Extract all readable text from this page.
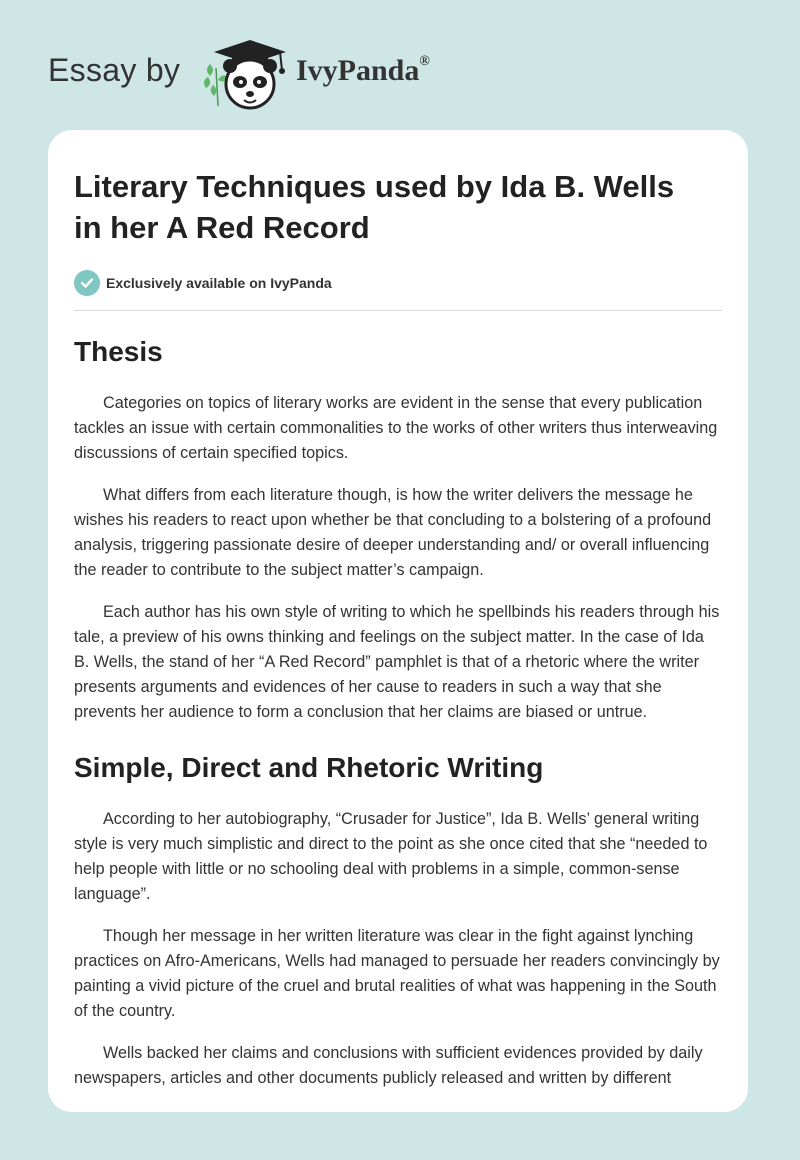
Essay by	IvyPanda®
Literary Techniques used by Ida B. Wells
in her A Red Record
Exclusively available on IvyPanda
Thesis

Categories on topics of literary works are evident in the sense that every publication tackles an issue with certain commonalities to the works of other writers thus interweaving discussions of certain specified topics.

What differs from each literature though, is how the writer delivers the message he wishes his readers to react upon whether be that concluding to a bolstering of a profound analysis, triggering passionate desire of deeper understanding and/ or overall influencing the reader to contribute to the subject matter’s campaign.

Each author has his own style of writing to which he spellbinds his readers through his tale, a preview of his owns thinking and feelings on the subject matter. In the case of Ida B. Wells, the stand of her “A Red Record” pamphlet is that of a rhetoric where the writer presents arguments and evidences of her cause to readers in such a way that she prevents her audience to form a conclusion that her claims are biased or untrue.

Simple, Direct and Rhetoric Writing

According to her autobiography, “Crusader for Justice”, Ida B. Wells’ general writing style is very much simplistic and direct to the point as she once cited that she “needed to help people with little or no schooling deal with problems in a simple, common-sense language”.

Though her message in her written literature was clear in the fight against lynching practices on Afro-Americans, Wells had managed to persuade her readers convincingly by painting a vivid picture of the cruel and brutal realities of what was happening in the South of the country.

Wells backed her claims and conclusions with sufficient evidences provided by daily newspapers, articles and other documents publicly released and written by different
